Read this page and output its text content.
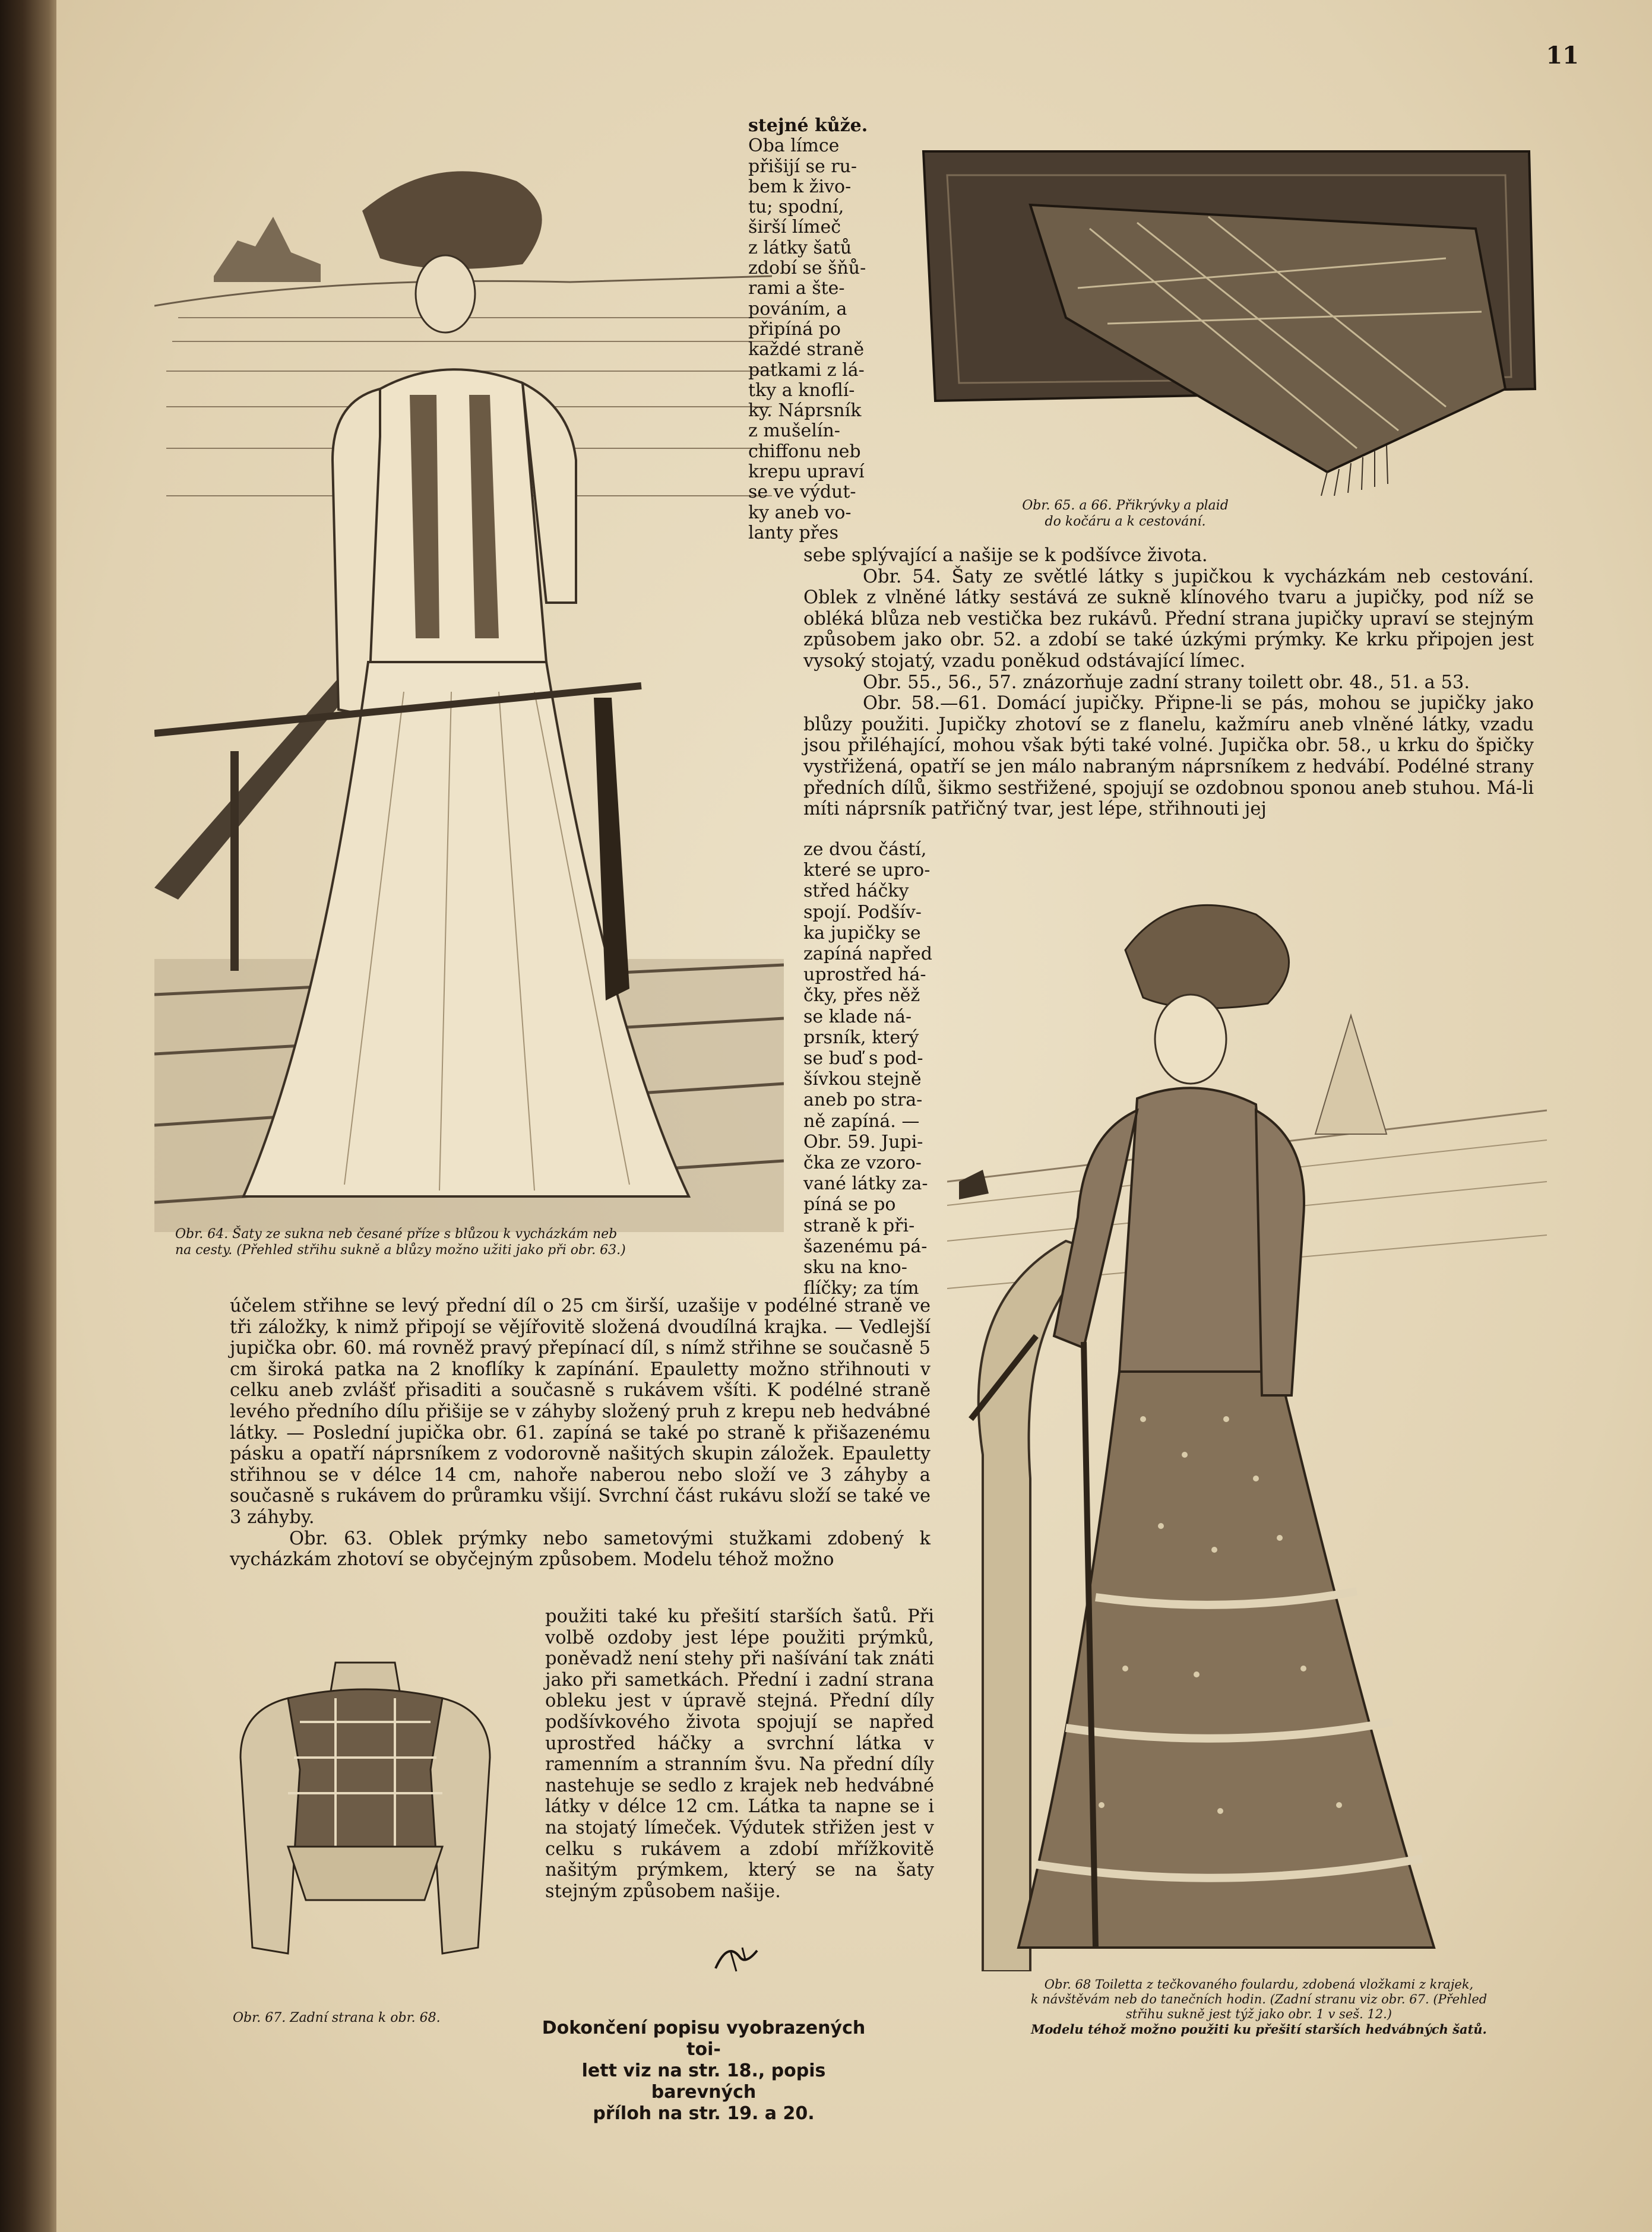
11
Obr. 64. Šaty ze sukna neb česané příze s blůzou k vycházkám neb
na cesty. (Přehled střihu sukně a blůzy možno užiti jako při obr. 63.)
stejné kůže.
Oba límce
přišijí se ru-
bem k živo-
tu; spodní,
širší límeč
z látky šatů
zdobí se šňů-
rami a šte-
pováním, a
připíná po
každé straně
patkami z lá-
tky a knoflí-
ky. Náprsník
z mušelín-
chiffonu neb
krepu upraví
se ve výdut-
ky aneb vo-
lanty přes
Obr. 65. a 66. Přikrývky a plaid
do kočáru a k cestování.

sebe splývající a našije se k podšívce života.

Obr. 54. Šaty ze světlé látky s jupičkou k vycházkám neb cestování. Oblek z vlněné látky sestává ze sukně klínového tvaru a jupičky, pod níž se obléká blůza neb vestička bez rukávů. Přední strana jupičky upraví se stejným způsobem jako obr. 52. a zdobí se také úzkými prýmky. Ke krku připojen jest vysoký stojatý, vzadu poněkud odstávající límec.

Obr. 55., 56., 57. znázorňuje zadní strany toilett obr. 48., 51. a 53.

Obr. 58.—61. Domácí jupičky. Připne-li se pás, mohou se jupičky jako blůzy použiti. Jupičky zhotoví se z flanelu, kažmíru aneb vlněné látky, vzadu jsou přiléhající, mohou však býti také volné. Jupička obr. 58., u krku do špičky vystřižená, opatří se jen málo nabraným náprsníkem z hedvábí. Podélné strany předních dílů, šikmo sestřižené, spojují se ozdobnou sponou aneb stuhou. Má-li míti náprsník patřičný tvar, jest lépe, střihnouti jej

ze dvou částí,
které se upro-
střed háčky
spojí. Podšív-
ka jupičky se
zapíná napřed
uprostřed há-
čky, přes něž
se klade ná-
prsník, který
se buď s pod-
šívkou stejně
aneb po stra-
ně zapíná. —
Obr. 59. Jupi-
čka ze vzoro-
vané látky za-
píná se po
straně k při-
šazenému pá-
sku na kno-
flíčky; za tím

účelem střihne se levý přední díl o 25 cm širší, uzašije v podélné straně ve tři záložky, k nimž připojí se vějířovitě složená dvoudílná krajka. — Vedlejší jupička obr. 60. má rovněž pravý přepínací díl, s nímž střihne se současně 5 cm široká patka na 2 knoflíky k zapínání. Epauletty možno střihnouti v celku aneb zvlášť přisaditi a současně s rukávem všíti. K podélné straně levého předního dílu přišije se v záhyby složený pruh z krepu neb hedvábné látky. — Poslední jupička obr. 61. zapíná se také po straně k přišazenému pásku a opatří náprsníkem z vodorovně našitých skupin záložek. Epauletty střihnou se v délce 14 cm, nahoře naberou nebo složí ve 3 záhyby a současně s rukávem do průramku všijí. Svrchní část rukávu složí se také ve 3 záhyby.

Obr. 63. Oblek prýmky nebo sametovými stužkami zdobený k vycházkám zhotoví se obyčejným způsobem. Modelu téhož možno

Obr. 67. Zadní strana k obr. 68.

použiti také ku přešití starších šatů. Při volbě ozdoby jest lépe použiti prýmků, poněvadž není stehy při našívání tak znáti jako při sametkách. Přední i zadní strana obleku jest v úpravě stejná. Přední díly podšívkového života spojují se napřed uprostřed háčky a svrchní látka v ramenním a stranním švu. Na přední díly nastehuje se sedlo z krajek neb hedvábné látky v délce 12 cm. Látka ta napne se i na stojatý límeček. Výdutek střižen jest v celku s rukávem a zdobí mřížkovitě našitým prýmkem, který se na šaty stejným způsobem našije.

Dokončení popisu vyobrazených toi-
lett viz na str. 18., popis barevných
příloh na str. 19. a 20.
Obr. 68 Toiletta z tečkovaného foulardu, zdobená vložkami z krajek,
k návštěvám neb do tanečních hodin. (Zadní stranu viz obr. 67. (Přehled
střihu sukně jest týž jako obr. 1 v seš. 12.)
Modelu téhož možno použiti ku přešití starších hedvábných šatů.
